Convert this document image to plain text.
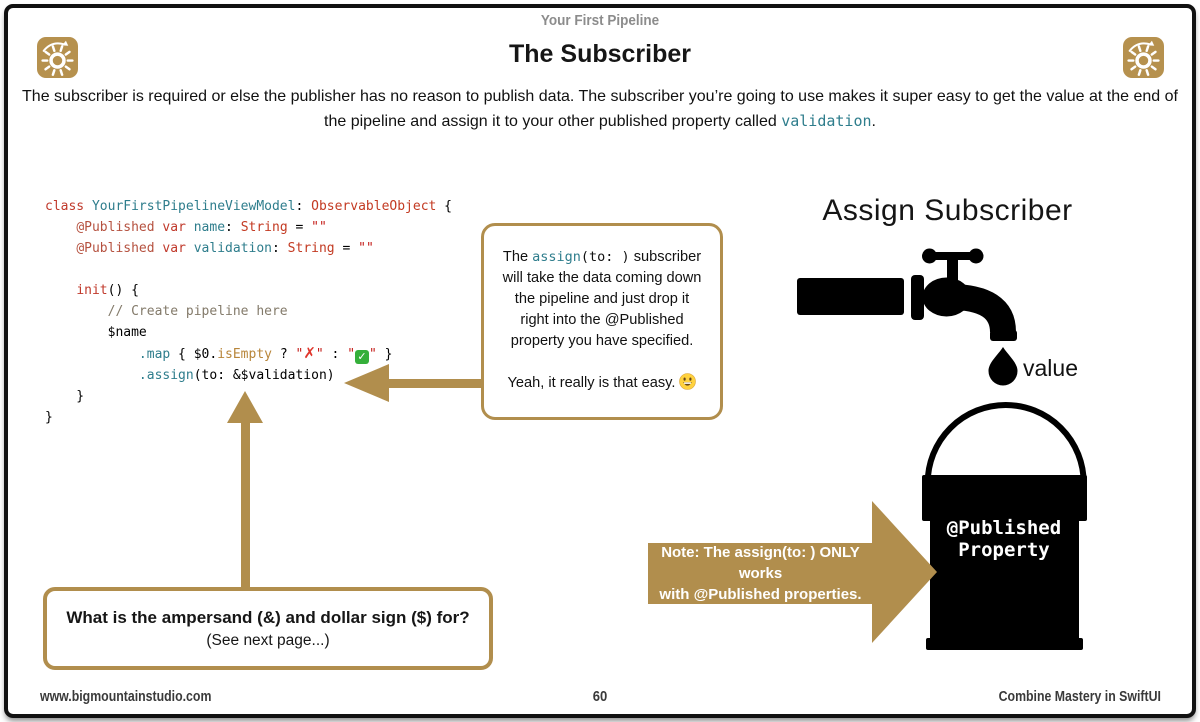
Your First Pipeline
The Subscriber
The subscriber is required or else the publisher has no reason to publish data. The subscriber you’re going to use makes it super easy to get the value at the end of
the pipeline and assign it to your other published property called validation.
class YourFirstPipelineViewModel: ObservableObject {
@Published var name: String = ""
@Published var validation: String = ""
init() {
// Create pipeline here
$name
.map { $0.isEmpty ? "✗" : " ✓ " }
.assign(to: &$validation)
}
}
The assign(to: ) subscriber
will take the data coming down
the pipeline and just drop it
right into the @Published
property you have specified.
Yeah, it really is that easy.
What is the ampersand (&) and dollar sign ($) for?
(See next page...)
Assign Subscriber
value
@Published
Property
Note: The assign(to: ) ONLY works
with @Published properties.
www.bigmountainstudio.com	60	Combine Mastery in SwiftUI
